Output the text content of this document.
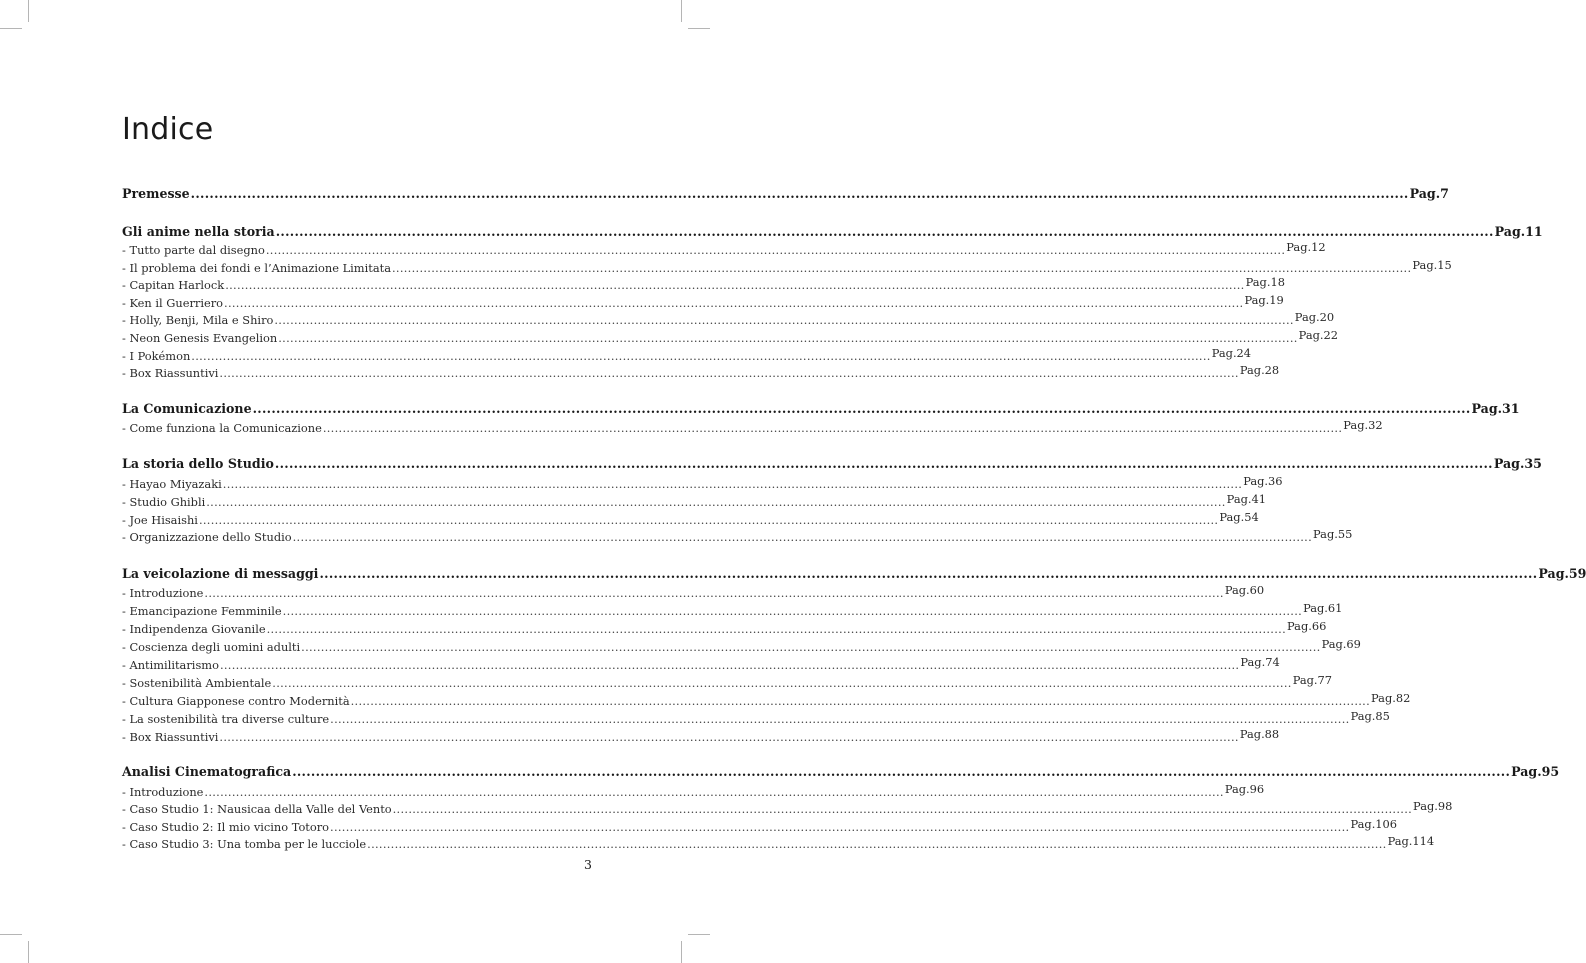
Indice
Premesse .................................................................................................................................................................................................................................................................... Pag.7
Gli anime nella storia .................................................................................................................................................................................................................................................................... Pag.11
- Tutto parte dal disegno .................................................................................................................................................................................................................................................................... Pag.12
- Il problema dei fondi e l’Animazione Limitata .................................................................................................................................................................................................................................................................... Pag.15
- Capitan Harlock .................................................................................................................................................................................................................................................................... Pag.18
- Ken il Guerriero .................................................................................................................................................................................................................................................................... Pag.19
- Holly, Benji, Mila e Shiro .................................................................................................................................................................................................................................................................... Pag.20
- Neon Genesis Evangelion .................................................................................................................................................................................................................................................................... Pag.22
- I Pokémon .................................................................................................................................................................................................................................................................... Pag.24
- Box Riassuntivi .................................................................................................................................................................................................................................................................... Pag.28
La Comunicazione .................................................................................................................................................................................................................................................................... Pag.31
- Come funziona la Comunicazione .................................................................................................................................................................................................................................................................... Pag.32
La storia dello Studio .................................................................................................................................................................................................................................................................... Pag.35
- Hayao Miyazaki .................................................................................................................................................................................................................................................................... Pag.36
- Studio Ghibli .................................................................................................................................................................................................................................................................... Pag.41
- Joe Hisaishi .................................................................................................................................................................................................................................................................... Pag.54
- Organizzazione dello Studio .................................................................................................................................................................................................................................................................... Pag.55
La veicolazione di messaggi .................................................................................................................................................................................................................................................................... Pag.59
- Introduzione .................................................................................................................................................................................................................................................................... Pag.60
- Emancipazione Femminile .................................................................................................................................................................................................................................................................... Pag.61
- Indipendenza Giovanile .................................................................................................................................................................................................................................................................... Pag.66
- Coscienza degli uomini adulti .................................................................................................................................................................................................................................................................... Pag.69
- Antimilitarismo .................................................................................................................................................................................................................................................................... Pag.74
- Sostenibilità Ambientale .................................................................................................................................................................................................................................................................... Pag.77
- Cultura Giapponese contro Modernità .................................................................................................................................................................................................................................................................... Pag.82
- La sostenibilità tra diverse culture .................................................................................................................................................................................................................................................................... Pag.85
- Box Riassuntivi .................................................................................................................................................................................................................................................................... Pag.88
Analisi Cinematografica .................................................................................................................................................................................................................................................................... Pag.95
- Introduzione .................................................................................................................................................................................................................................................................... Pag.96
- Caso Studio 1: Nausicaa della Valle del Vento .................................................................................................................................................................................................................................................................... Pag.98
- Caso Studio 2: Il mio vicino Totoro .................................................................................................................................................................................................................................................................... Pag.106
- Caso Studio 3: Una tomba per le lucciole .................................................................................................................................................................................................................................................................... Pag.114
3
